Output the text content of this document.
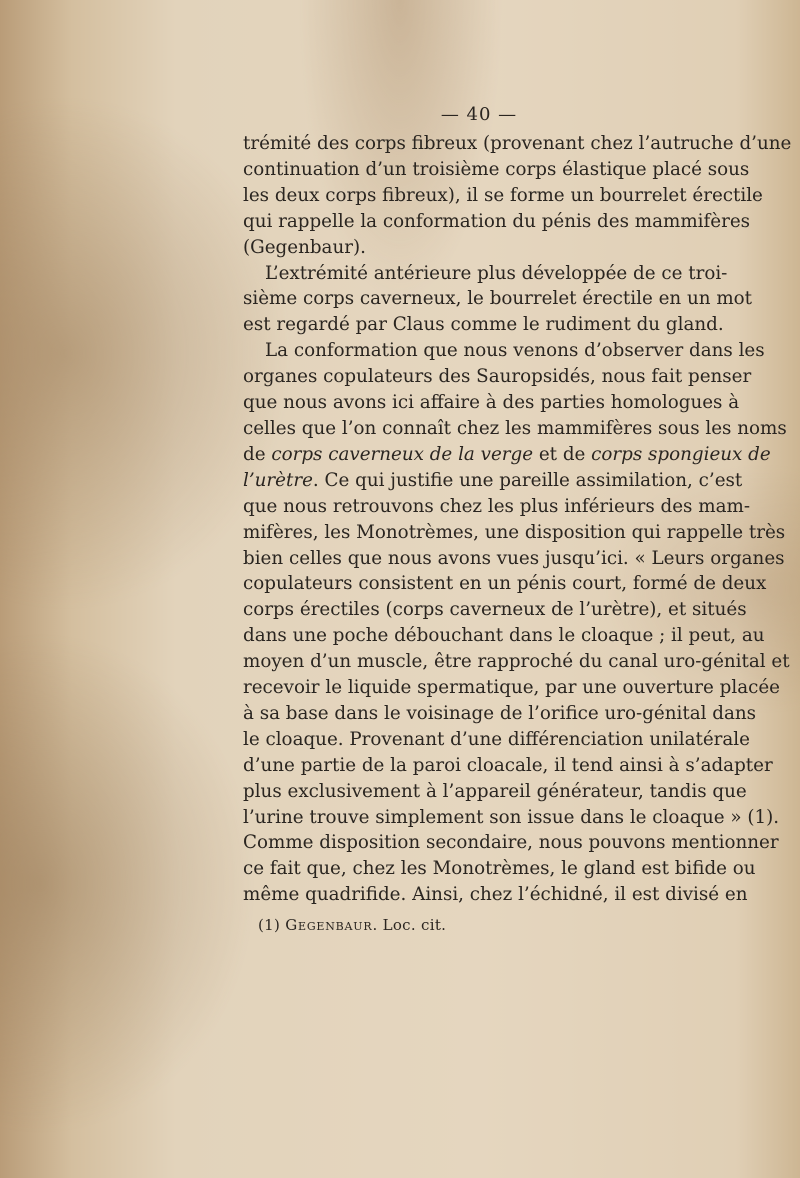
— 40 —
trémité des corps fibreux (provenant chez l’autruche d’une
continuation d’un troisième corps élastique placé sous
les deux corps fibreux), il se forme un bourrelet érectile
qui rappelle la conformation du pénis des mammifères
(Gegenbaur).
L’extrémité antérieure plus développée de ce troi-
sième corps caverneux, le bourrelet érectile en un mot
est regardé par Claus comme le rudiment du gland.
La conformation que nous venons d’observer dans les
organes copulateurs des Sauropsidés, nous fait penser
que nous avons ici affaire à des parties homologues à
celles que l’on connaît chez les mammifères sous les noms
de corps caverneux de la verge et de corps spongieux de
l’urètre. Ce qui justifie une pareille assimilation, c’est
que nous retrouvons chez les plus inférieurs des mam-
mifères, les Monotrèmes, une disposition qui rappelle très
bien celles que nous avons vues jusqu’ici. « Leurs organes
copulateurs consistent en un pénis court, formé de deux
corps érectiles (corps caverneux de l’urètre), et situés
dans une poche débouchant dans le cloaque ; il peut, au
moyen d’un muscle, être rapproché du canal uro-génital et
recevoir le liquide spermatique, par une ouverture placée
à sa base dans le voisinage de l’orifice uro-génital dans
le cloaque. Provenant d’une différenciation unilatérale
d’une partie de la paroi cloacale, il tend ainsi à s’adapter
plus exclusivement à l’appareil générateur, tandis que
l’urine trouve simplement son issue dans le cloaque » (1).
Comme disposition secondaire, nous pouvons mentionner
ce fait que, chez les Monotrèmes, le gland est bifide ou
même quadrifide. Ainsi, chez l’échidné, il est divisé en
(1) Gegenbaur. Loc. cit.
